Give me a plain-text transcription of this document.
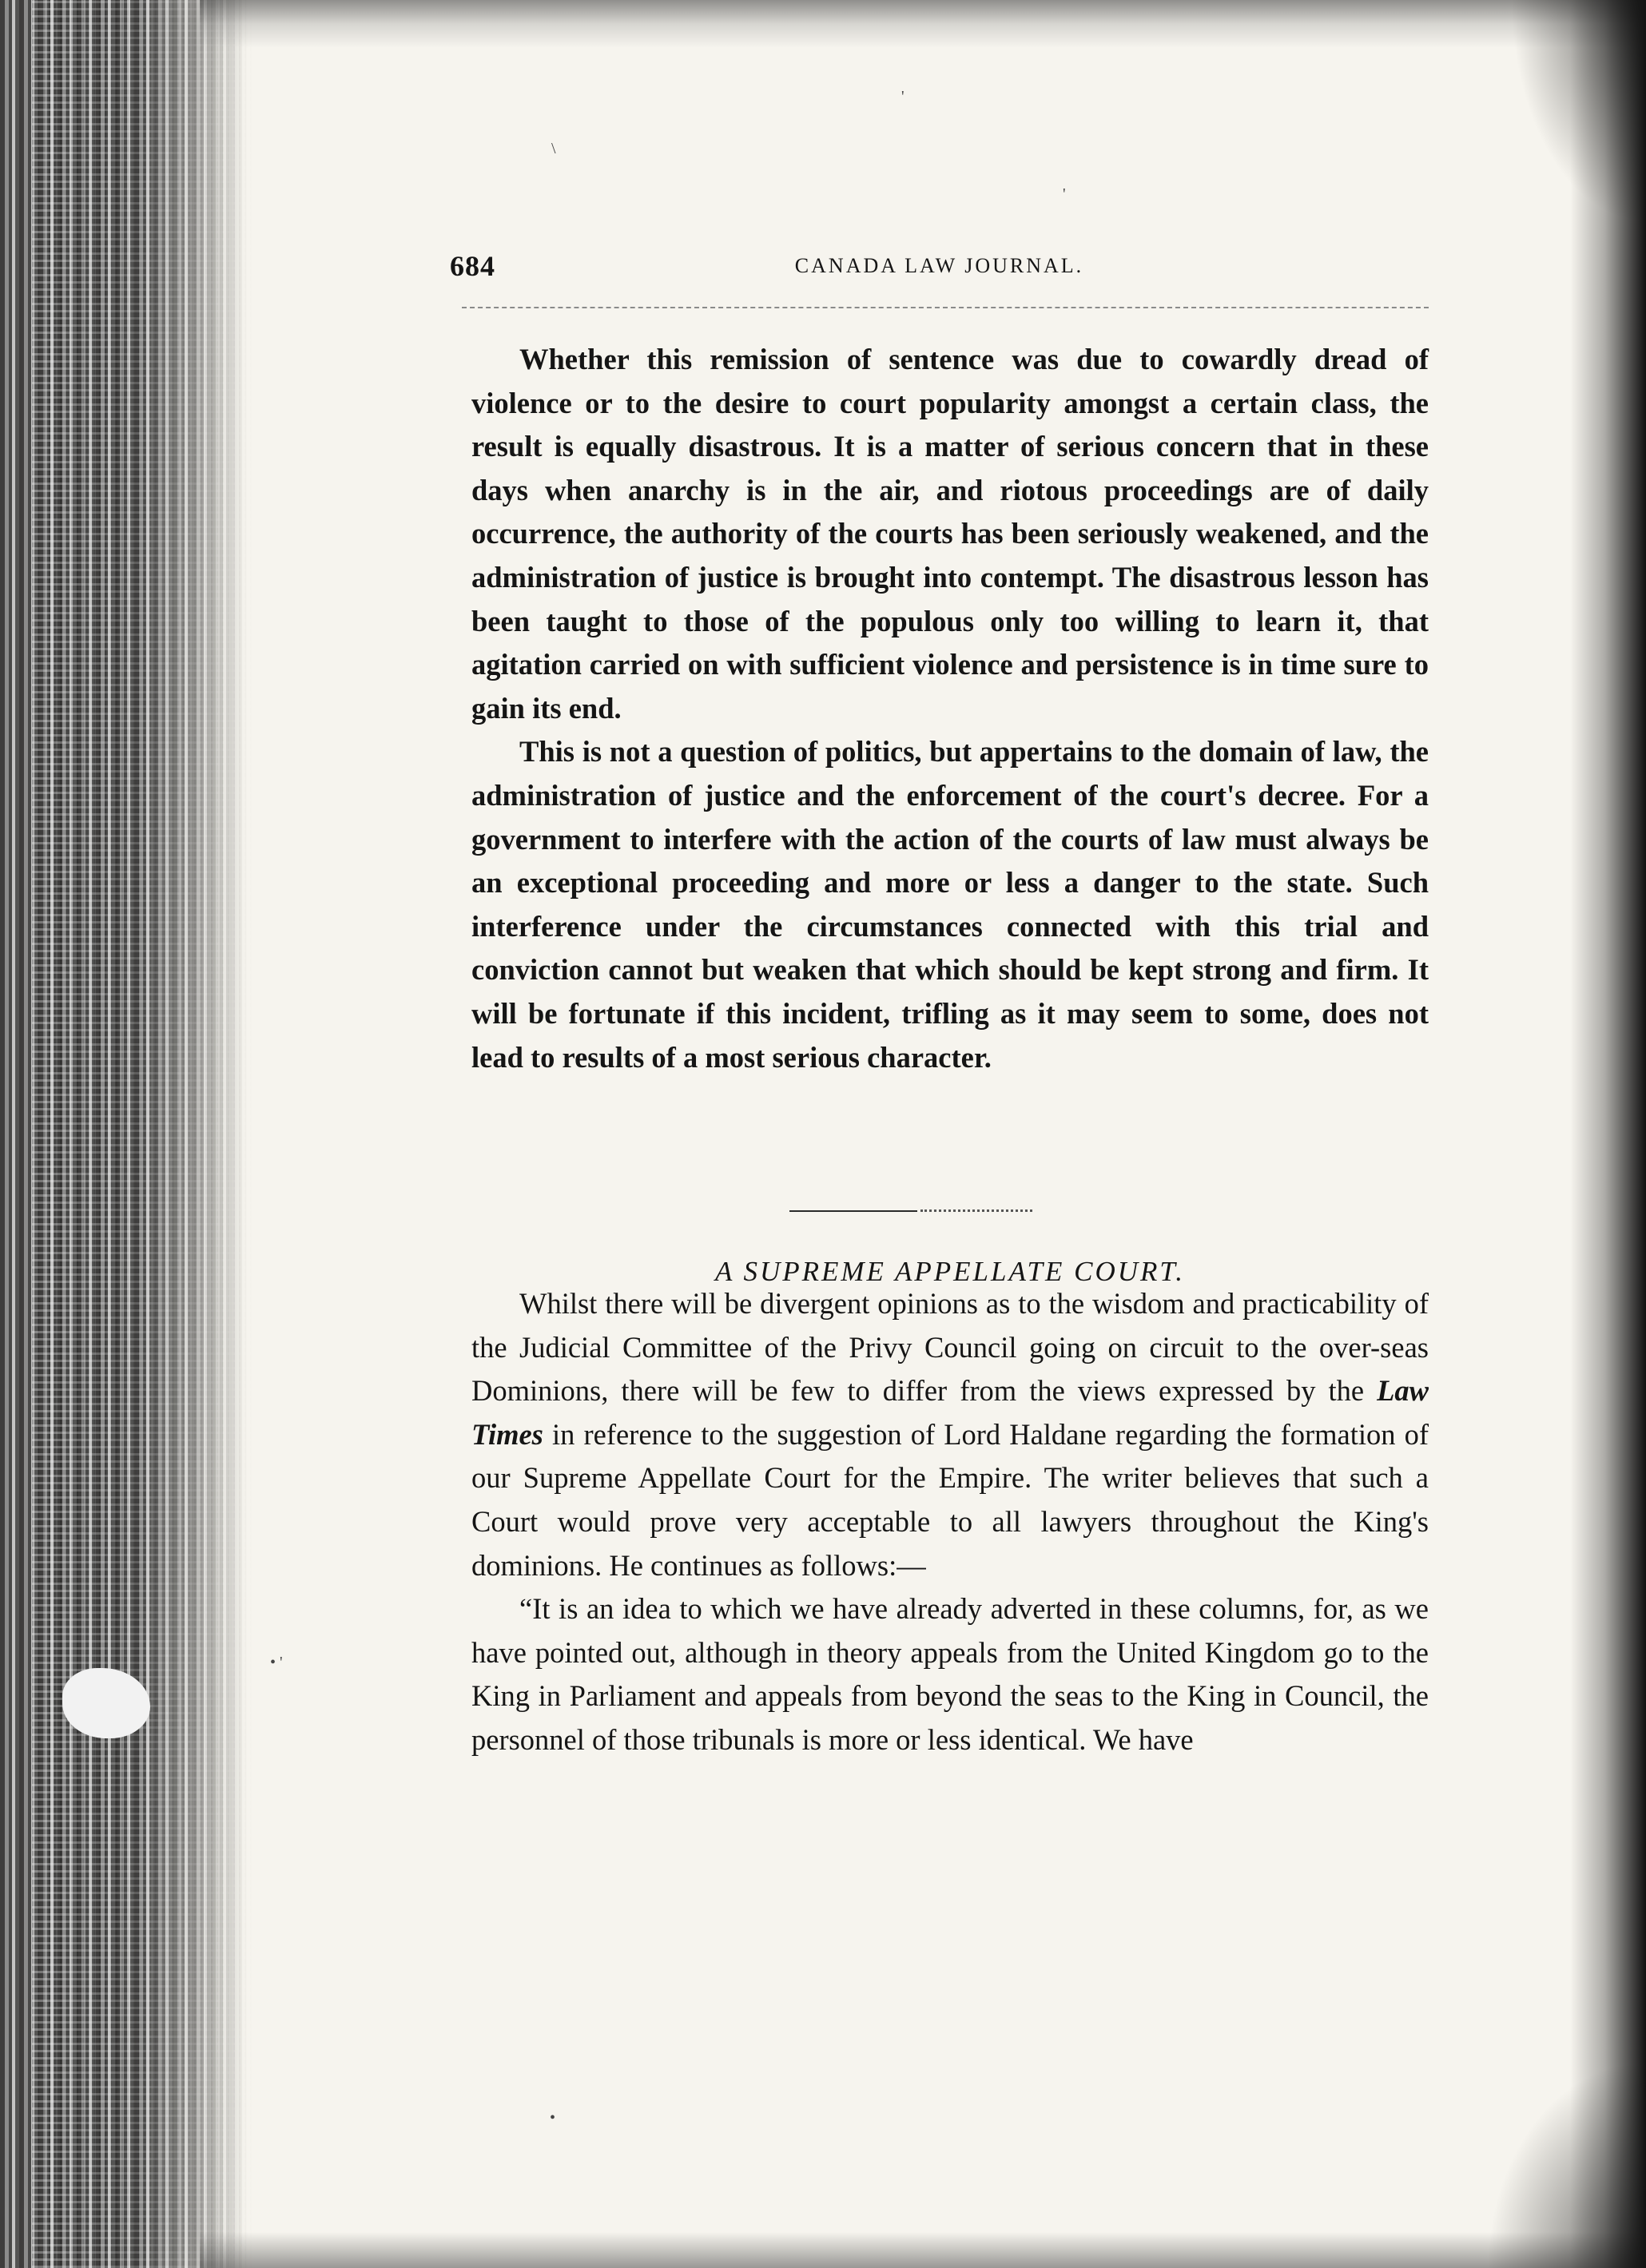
'
\
'
• '
•
684	CANADA LAW JOURNAL.

Whether this remission of sentence was due to cowardly dread of violence or to the desire to court popularity amongst a certain class, the result is equally disastrous. It is a matter of serious concern that in these days when anarchy is in the air, and riotous proceedings are of daily occurrence, the authority of the courts has been seriously weakened, and the administration of justice is brought into contempt. The disastrous lesson has been taught to those of the populous only too willing to learn it, that agitation carried on with sufficient violence and persistence is in time sure to gain its end.

This is not a question of politics, but appertains to the domain of law, the administration of justice and the enforcement of the court's decree. For a government to interfere with the action of the courts of law must always be an exceptional proceeding and more or less a danger to the state. Such interference under the circumstances connected with this trial and conviction cannot but weaken that which should be kept strong and firm. It will be fortunate if this incident, trifling as it may seem to some, does not lead to results of a most serious character.

A SUPREME APPELLATE COURT.

Whilst there will be divergent opinions as to the wisdom and practicability of the Judicial Committee of the Privy Council going on circuit to the over-seas Dominions, there will be few to differ from the views expressed by the Law Times in reference to the suggestion of Lord Haldane regarding the formation of our Supreme Appellate Court for the Empire. The writer believes that such a Court would prove very acceptable to all lawyers throughout the King's dominions. He continues as follows:—

“It is an idea to which we have already adverted in these columns, for, as we have pointed out, although in theory appeals from the United Kingdom go to the King in Parliament and appeals from beyond the seas to the King in Council, the personnel of those tribunals is more or less identical. We have
